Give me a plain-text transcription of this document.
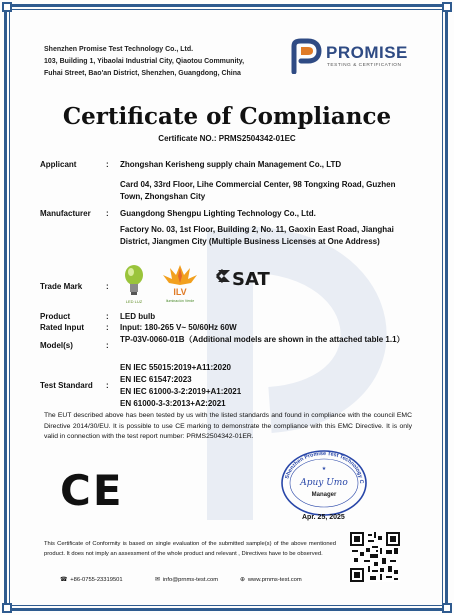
Shenzhen Promise Test Technology Co., Ltd.
103, Building 1, Yibaolai Industrial City, Qiaotou Community,
Fuhai Street, Bao'an District, Shenzhen, Guangdong, China
PROMISE
TESTING & CERTIFICATION
Certificate of Compliance
Certificate NO.: PRMS2504342-01EC
Applicant	: Zhongshan Kerisheng supply chain Management Co., LTD
Card 04, 33rd Floor, Lihe Commercial Center, 98 Tongxing Road, Guzhen Town, Zhongshan City
Manufacturer : Guangdong Shengpu Lighting Technology Co., Ltd.
Factory No. 03, 1st Floor, Building 2, No. 11, Gaoxin East Road, Jianghai District, Jiangmen City (Multiple Business Licenses at One Address)
Trade Mark	:
LED LUZ
ILV
Iluminación Verde
SAT
Product	: LED bulb
Rated Input	: Input: 180-265 V~ 50/60Hz 60W
Model(s)	:
TP-03V-0060-01B（Additional models are shown in the attached table 1.1）
Test Standard :
EN IEC 55015:2019+A11:2020
EN IEC 61547:2023
EN IEC 61000-3-2:2019+A1:2021
EN 61000-3-3:2013+A2:2021
The EUT described above has been tested by us with the listed standards and found in compliance with the council EMC Directive 2014/30/EU. It is possible to use CE marking to demonstrate the compliance with this EMC Directive. It is only valid in connection with the test report number: PRMS2504342-01ER.
CE	Shenzhen Promise Test Technology C
★
Apuy Umo
Manager
Apr. 25, 2025
This Certificate of Conformity is based on single evaluation of the submitted sample(s) of the above mentioned product. It does not imply an assessment of the whole product and relevant , Directives have to be observed.
☎ +86-0755-23319501	✉ info@prnms-test.com	⊕ www.prnms-test.com
